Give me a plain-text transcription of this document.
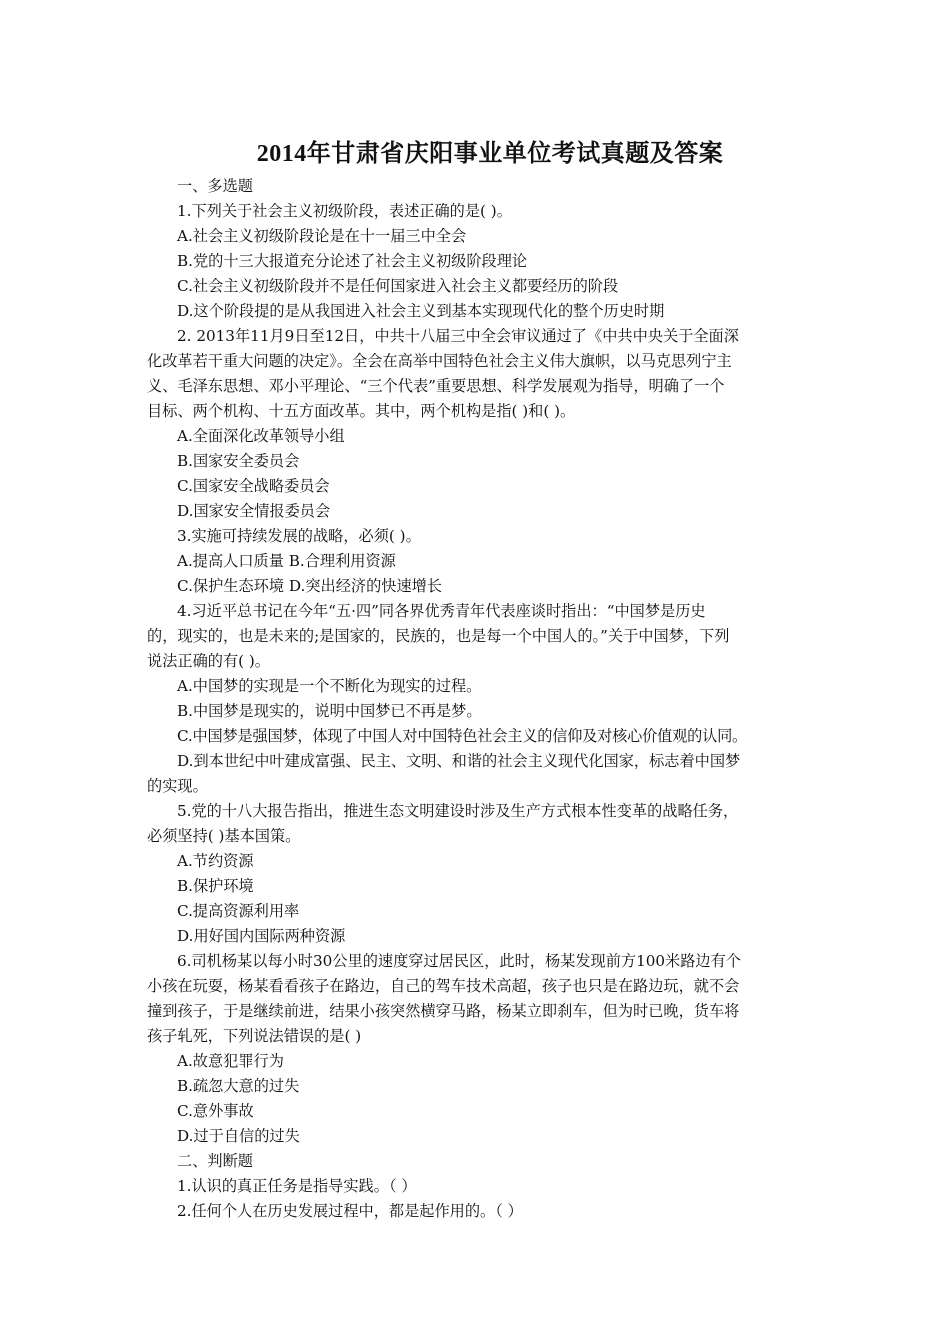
2014年甘肃省庆阳事业单位考试真题及答案

一、多选题

1.下列关于社会主义初级阶段，表述正确的是( )。

A.社会主义初级阶段论是在十一届三中全会

B.党的十三大报道充分论述了社会主义初级阶段理论

C.社会主义初级阶段并不是任何国家进入社会主义都要经历的阶段

D.这个阶段提的是从我国进入社会主义到基本实现现代化的整个历史时期

2. 2013年11月9日至12日，中共十八届三中全会审议通过了《中共中央关于全面深

化改革若干重大问题的决定》。全会在高举中国特色社会主义伟大旗帜，以马克思列宁主

义、毛泽东思想、邓小平理论、“三个代表”重要思想、科学发展观为指导，明确了一个

目标、两个机构、十五方面改革。其中，两个机构是指( )和( )。

A.全面深化改革领导小组

B.国家安全委员会

C.国家安全战略委员会

D.国家安全情报委员会

3.实施可持续发展的战略，必须( )。

A.提高人口质量 B.合理利用资源

C.保护生态环境 D.突出经济的快速增长

4.习近平总书记在今年“五·四”同各界优秀青年代表座谈时指出：“中国梦是历史

的，现实的，也是未来的;是国家的，民族的，也是每一个中国人的。”关于中国梦，下列

说法正确的有( )。

A.中国梦的实现是一个不断化为现实的过程。

B.中国梦是现实的，说明中国梦已不再是梦。

C.中国梦是强国梦，体现了中国人对中国特色社会主义的信仰及对核心价值观的认同。

D.到本世纪中叶建成富强、民主、文明、和谐的社会主义现代化国家，标志着中国梦

的实现。

5.党的十八大报告指出，推进生态文明建设时涉及生产方式根本性变革的战略任务，

必须坚持( )基本国策。

A.节约资源

B.保护环境

C.提高资源利用率

D.用好国内国际两种资源

6.司机杨某以每小时30公里的速度穿过居民区，此时，杨某发现前方100米路边有个

小孩在玩耍，杨某看看孩子在路边，自己的驾车技术高超，孩子也只是在路边玩，就不会

撞到孩子，于是继续前进，结果小孩突然横穿马路，杨某立即刹车，但为时已晚，货车将

孩子轧死，下列说法错误的是( )

A.故意犯罪行为

B.疏忽大意的过失

C.意外事故

D.过于自信的过失

二、判断题

1.认识的真正任务是指导实践。（ ）

2.任何个人在历史发展过程中，都是起作用的。（ ）
